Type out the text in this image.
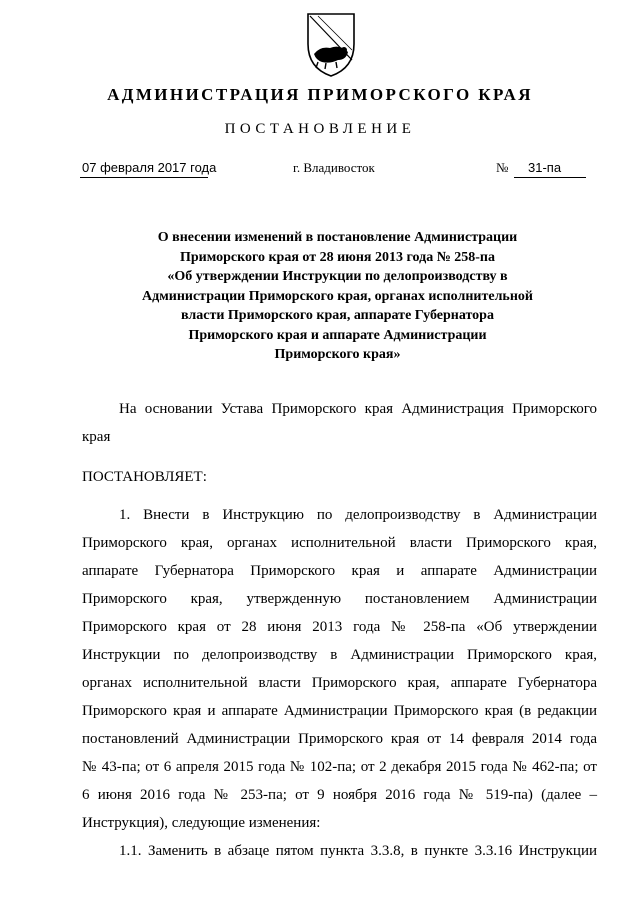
АДМИНИСТРАЦИЯ ПРИМОРСКОГО КРАЯ
ПОСТАНОВЛЕНИЕ
07 февраля 2017 года	г. Владивосток	№ 31-па
О внесении изменений в постановление Администрации
Приморского края от 28 июня 2013 года № 258-па
«Об утверждении Инструкции по делопроизводству в
Администрации Приморского края, органах исполнительной
власти Приморского края, аппарате Губернатора
Приморского края и аппарате Администрации
Приморского края»
На основании Устава Приморского края Администрация Приморского
края
ПОСТАНОВЛЯЕТ:
1. Внести в Инструкцию по делопроизводству в Администрации
Приморского края, органах исполнительной власти Приморского края,
аппарате Губернатора Приморского края и аппарате Администрации
Приморского края, утвержденную постановлением Администрации
Приморского края от 28 июня 2013 года № 258-па «Об утверждении
Инструкции по делопроизводству в Администрации Приморского края,
органах исполнительной власти Приморского края, аппарате Губернатора
Приморского края и аппарате Администрации Приморского края (в редакции
постановлений Администрации Приморского края от 14 февраля 2014 года
№ 43-па; от 6 апреля 2015 года № 102-па; от 2 декабря 2015 года № 462-па; от
6 июня 2016 года № 253-па; от 9 ноября 2016 года № 519-па) (далее –
Инструкция), следующие изменения:
1.1. Заменить в абзаце пятом пункта 3.3.8, в пункте 3.3.16 Инструкции
